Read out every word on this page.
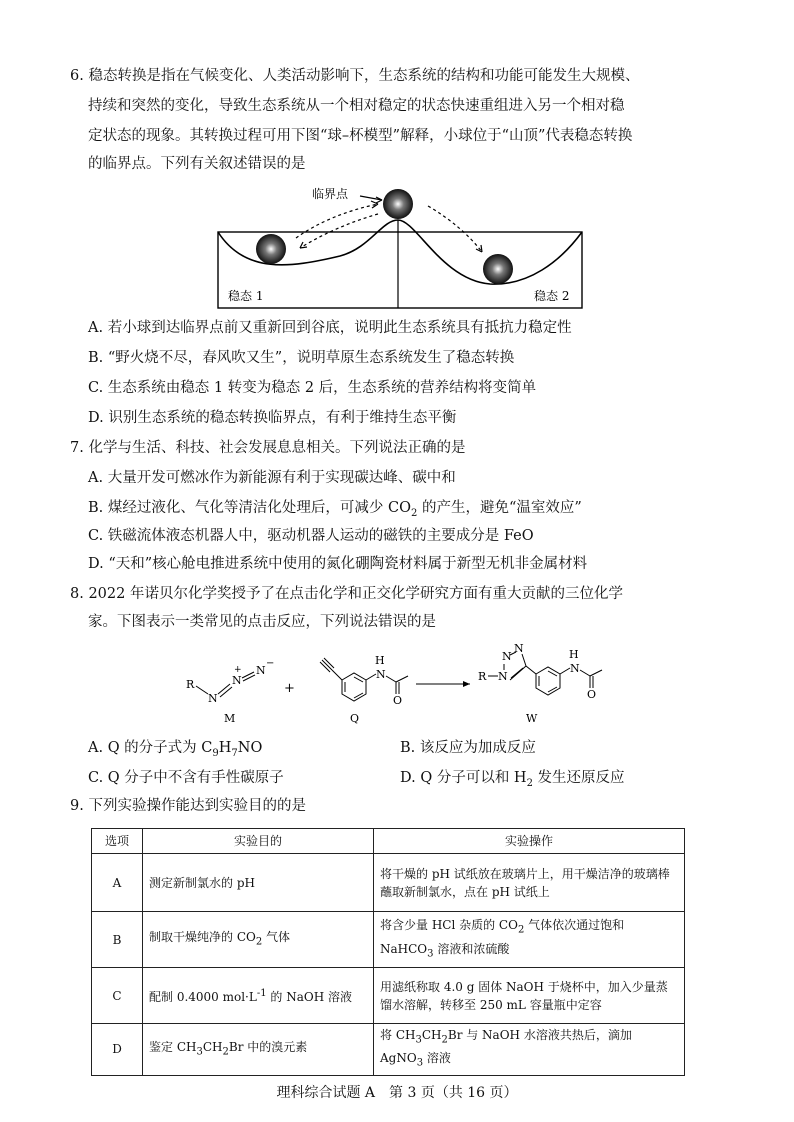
6. 稳态转换是指在气候变化、人类活动影响下，生态系统的结构和功能可能发生大规模、
持续和突然的变化，导致生态系统从一个相对稳定的状态快速重组进入另一个相对稳
定状态的现象。其转换过程可用下图“球–杯模型”解释，小球位于“山顶”代表稳态转换
的临界点。下列有关叙述错误的是
临界点
稳态 1	稳态 2
A. 若小球到达临界点前又重新回到谷底，说明此生态系统具有抵抗力稳定性
B. “野火烧不尽，春风吹又生”，说明草原生态系统发生了稳态转换
C. 生态系统由稳态 1 转变为稳态 2 后，生态系统的营养结构将变简单
D. 识别生态系统的稳态转换临界点，有利于维持生态平衡
7. 化学与生活、科技、社会发展息息相关。下列说法正确的是
A. 大量开发可燃冰作为新能源有利于实现碳达峰、碳中和
B. 煤经过液化、气化等清洁化处理后，可减少 $CO_2$ 的产生，避免“温室效应”
C. 铁磁流体液态机器人中，驱动机器人运动的磁铁的主要成分是 FeO
D. “天和”核心舱电推进系统中使用的氮化硼陶瓷材料属于新型无机非金属材料
8. 2022 年诺贝尔化学奖授予了在点击化学和正交化学研究方面有重大贡献的三位化学
家。下图表示一类常见的点击反应，下列说法错误的是
R
N
N
+ N
−
M
+
H
N
O
Q
R N
N
N	H
N
O
W
A. Q 的分子式为 $C_9H_7NO$	B. 该反应为加成反应
C. Q 分子中不含有手性碳原子	D. Q 分子可以和 $H_2$ 发生还原反应
9. 下列实验操作能达到实验目的的是
选项	实验目的	实验操作
A	测定新制氯水的 pH	将干燥的 pH 试纸放在玻璃片上，用干燥洁净的玻璃棒蘸取新制氯水，点在 pH 试纸上
B	制取干燥纯净的 $CO_2$ 气体	将含少量 HCl 杂质的 $CO_2$ 气体依次通过饱和 NaHCO$_3$ 溶液和浓硫酸
C	配制 0.4000 $mol\cdot L^{-1}$ 的 NaOH 溶液	用滤纸称取 4.0 g 固体 NaOH 于烧杯中，加入少量蒸馏水溶解，转移至 250 mL 容量瓶中定容
D	鉴定 $CH_3CH_2Br$ 中的溴元素	将 $CH_3CH_2Br$ 与 NaOH 水溶液共热后，滴加 AgNO$_3$ 溶液
理科综合试题 A　第 3 页（共 16 页）
